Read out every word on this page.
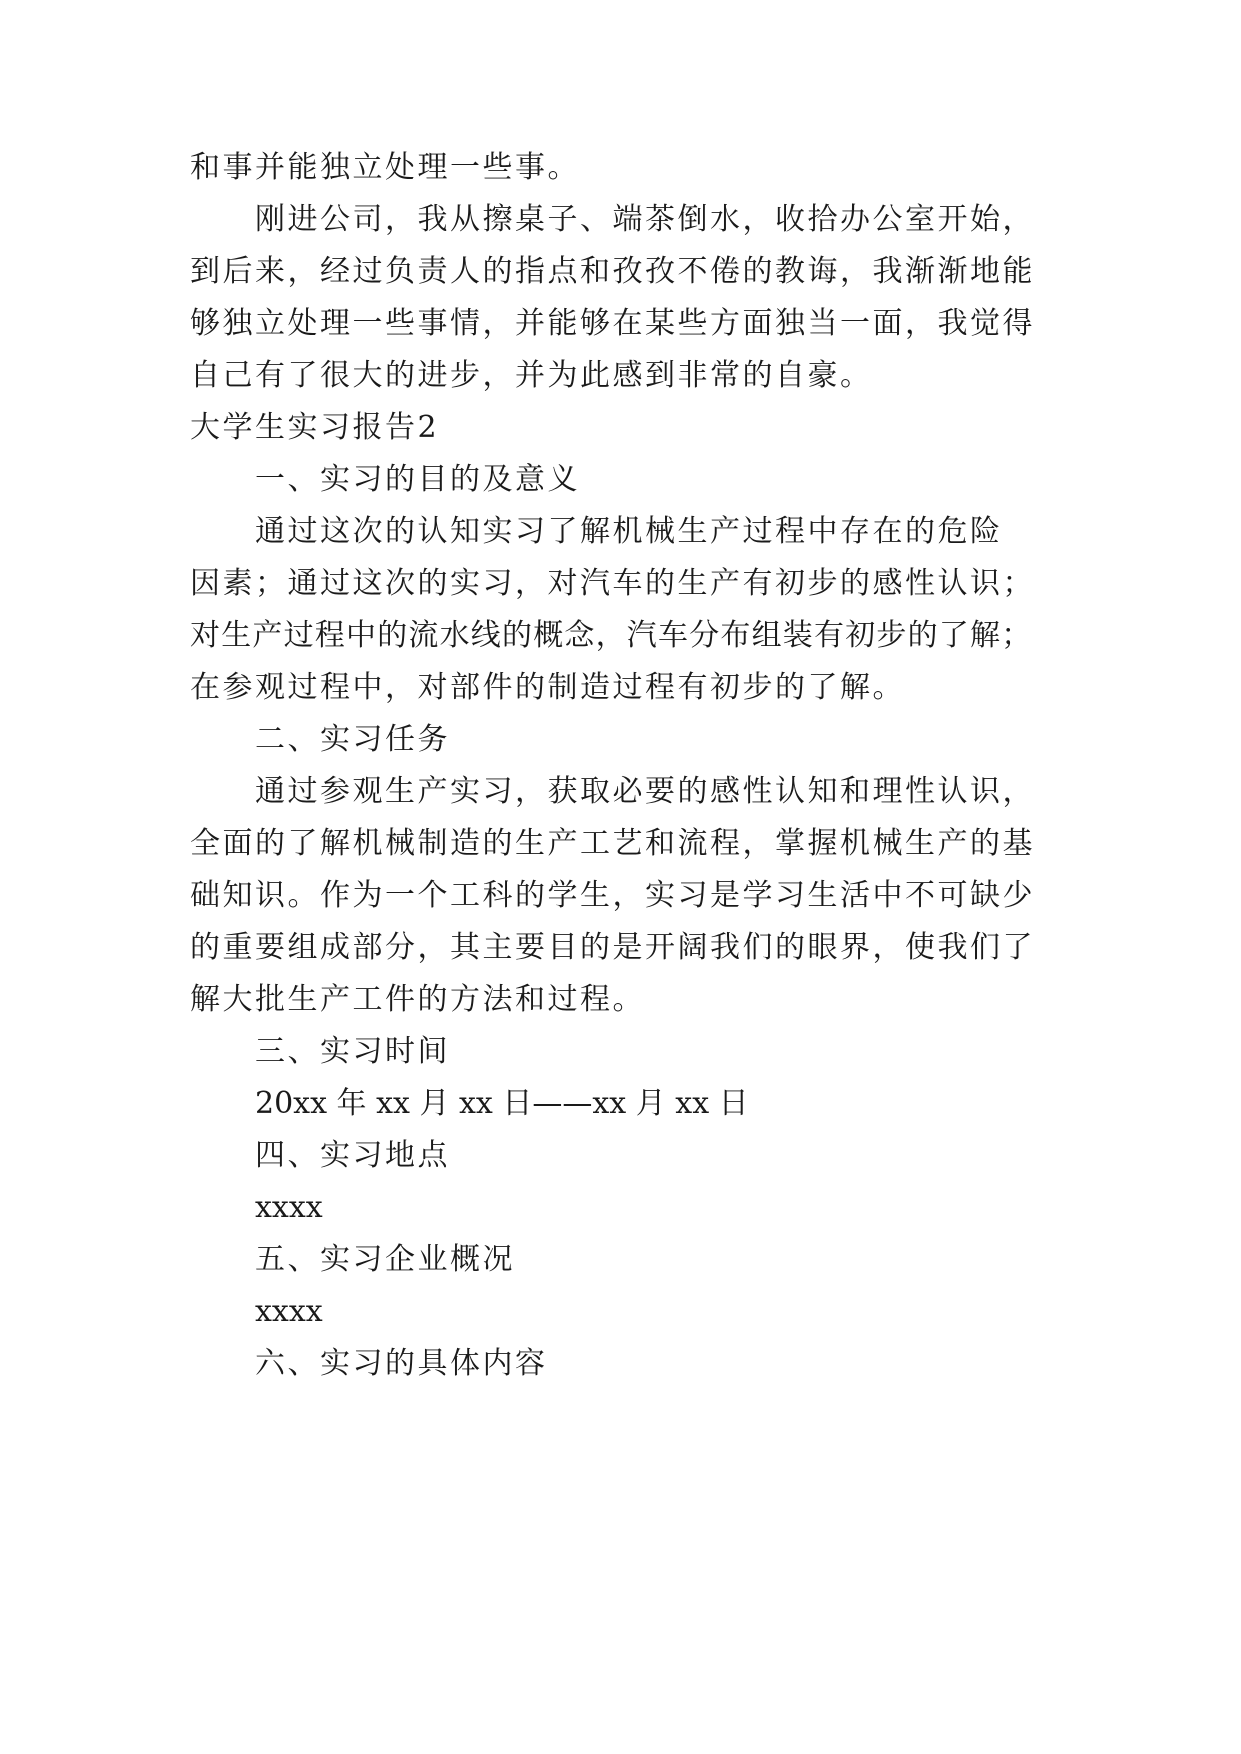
和事并能独立处理一些事。
刚进公司，我从擦桌子、端茶倒水，收拾办公室开始，
到后来，经过负责人的指点和孜孜不倦的教诲，我渐渐地能
够独立处理一些事情，并能够在某些方面独当一面，我觉得
自己有了很大的进步，并为此感到非常的自豪。
大学生实习报告2
一、实习的目的及意义
通过这次的认知实习了解机械生产过程中存在的危险
因素；通过这次的实习，对汽车的生产有初步的感性认识；
对生产过程中的流水线的概念，汽车分布组装有初步的了解；
在参观过程中，对部件的制造过程有初步的了解。
二、实习任务
通过参观生产实习，获取必要的感性认知和理性认识，
全面的了解机械制造的生产工艺和流程，掌握机械生产的基
础知识。作为一个工科的学生，实习是学习生活中不可缺少
的重要组成部分，其主要目的是开阔我们的眼界，使我们了
解大批生产工件的方法和过程。
三、实习时间
20xx 年 xx 月 xx 日——xx 月 xx 日
四、实习地点
xxxx
五、实习企业概况
xxxx
六、实习的具体内容
